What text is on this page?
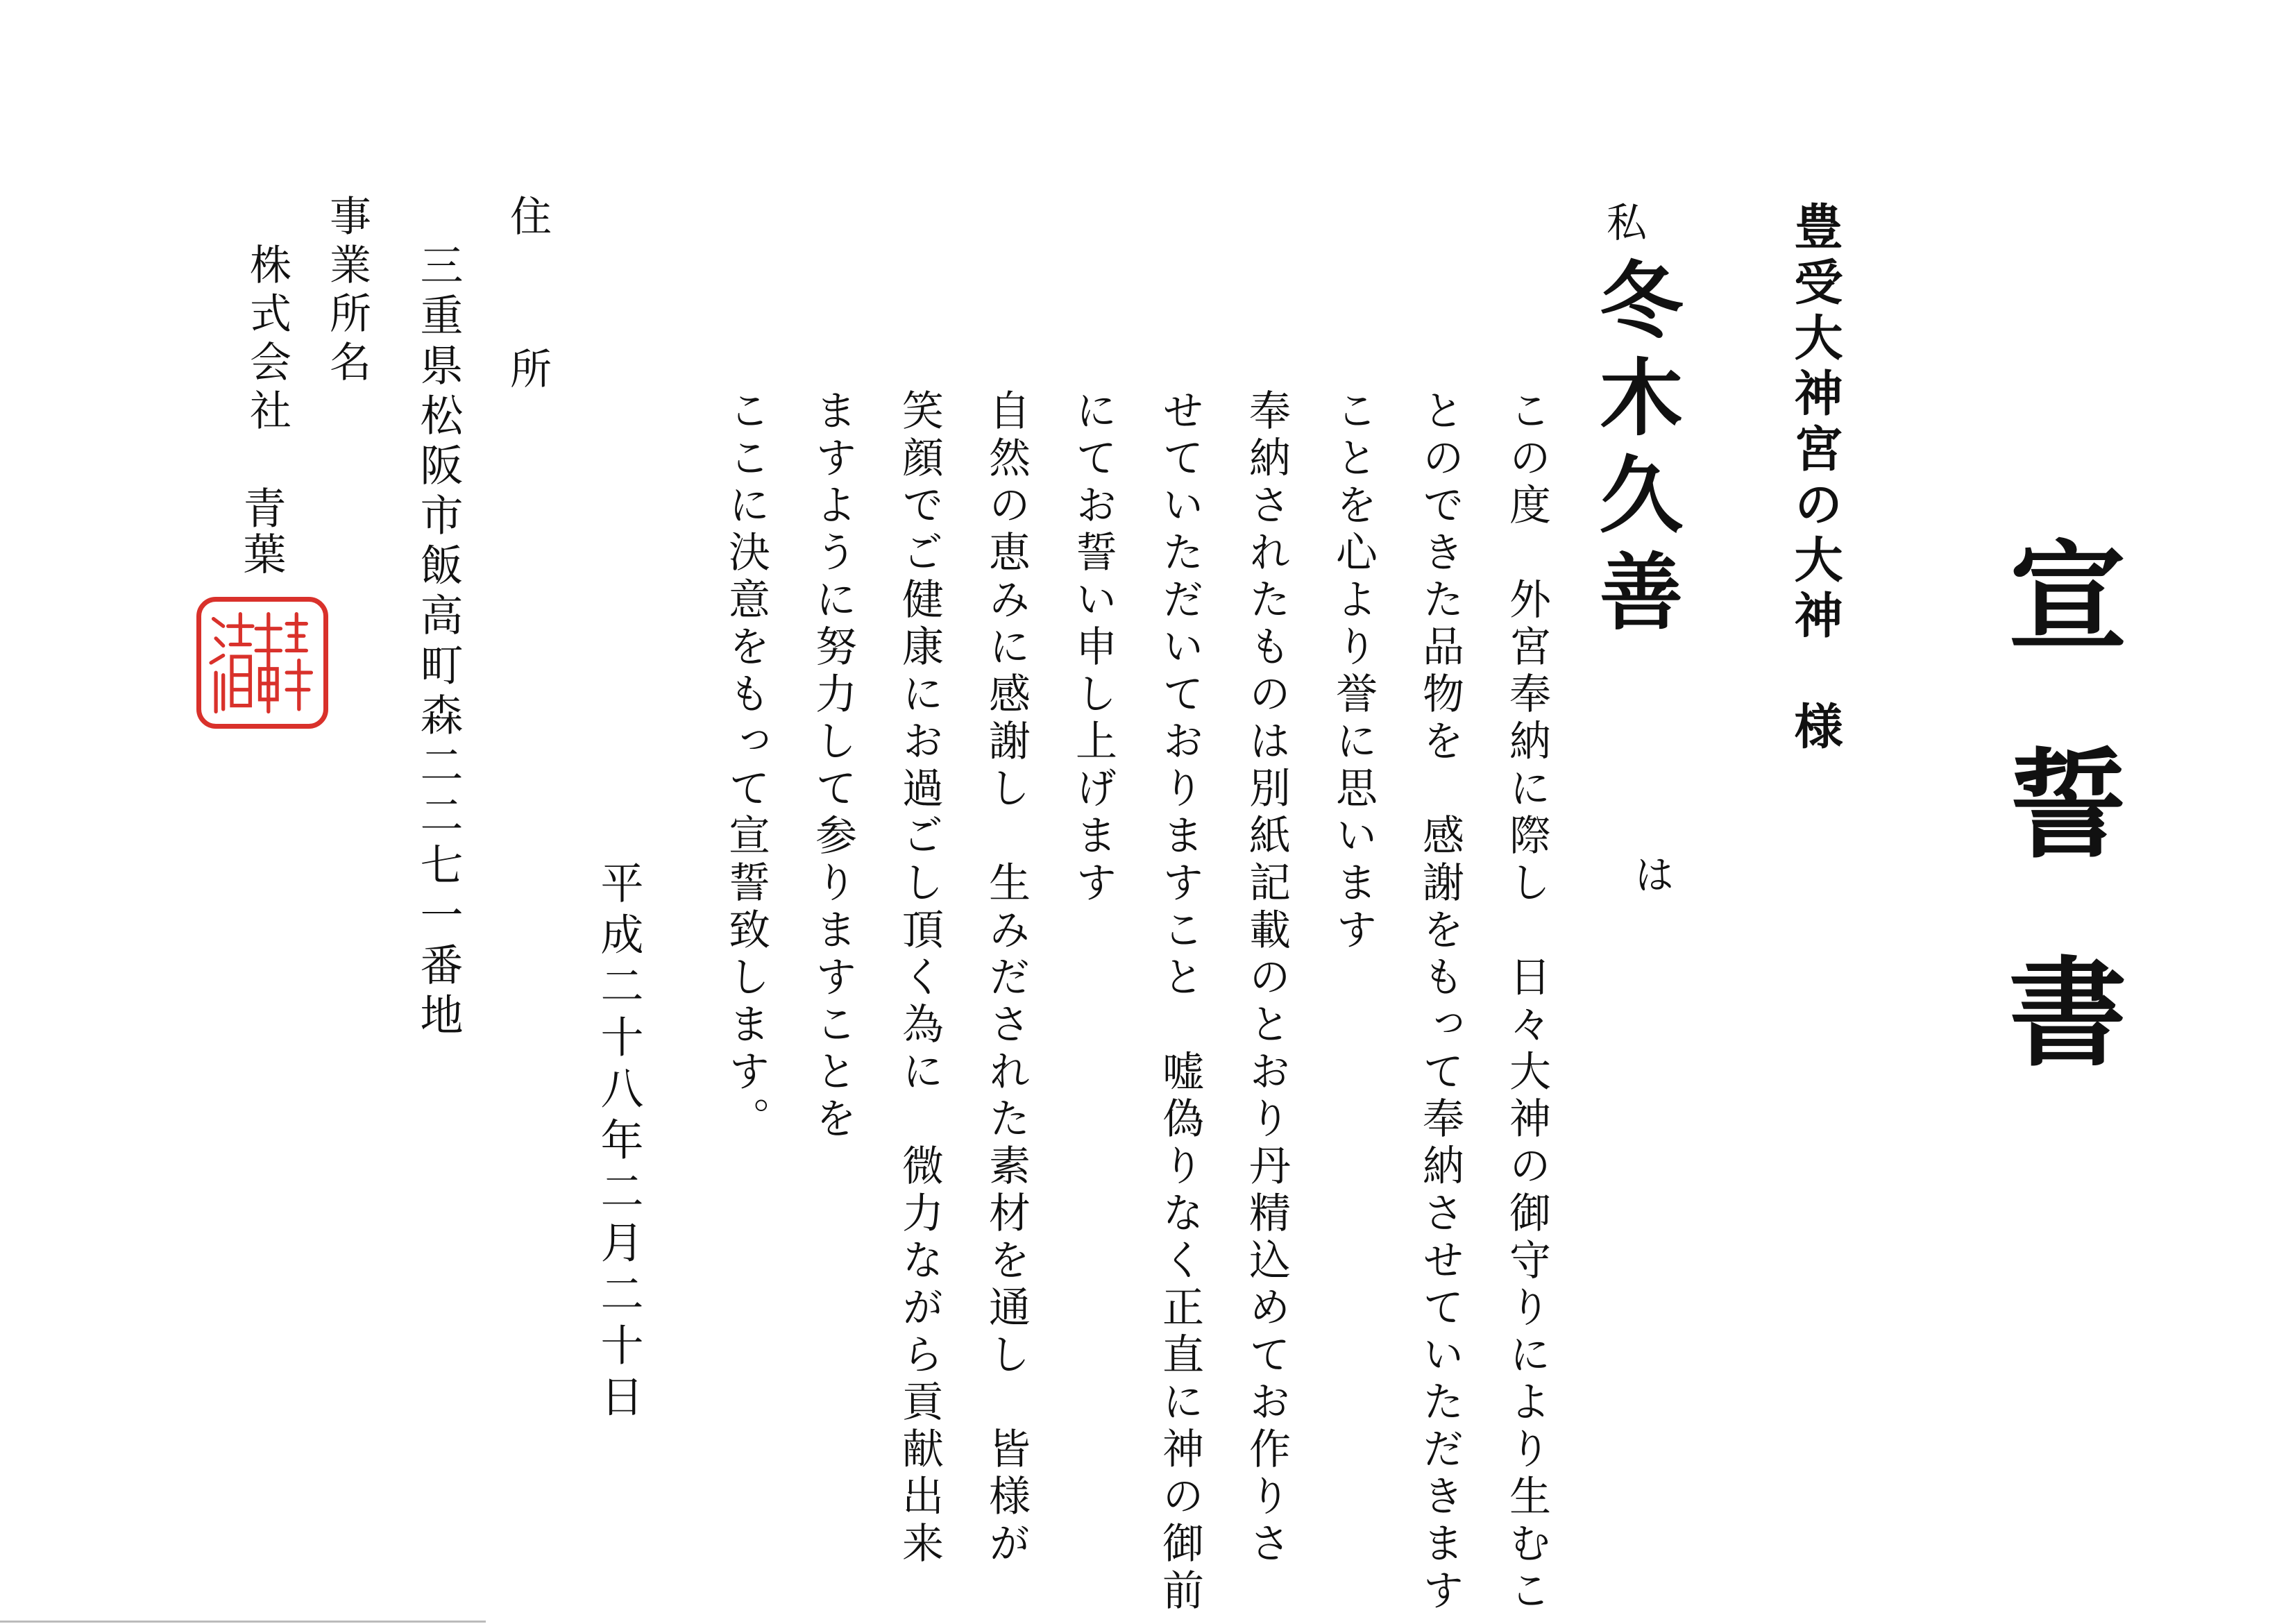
宣誓書
豊受大神宮の大神　様
私
冬木久善
は
この度　外宮奉納に際し　日々大神の御守りにより生むこ
とのできた品物を　感謝をもって奉納させていただきます
ことを心より誉に思います
奉納されたものは別紙記載のとおり丹精込めてお作りさ
せていただいておりますこと　嘘偽りなく正直に神の御前
にてお誓い申し上げます
自然の恵みに感謝し　生みだされた素材を通し　皆様が
笑顔でご健康にお過ごし頂く為に　微力ながら貢献出来
ますように努力して参りますことを
ここに決意をもって宣誓致します。
平成二十八年二月二十日
住所
三重県松阪市飯高町森二二七一番地
事業所名
株式会社
青葉
